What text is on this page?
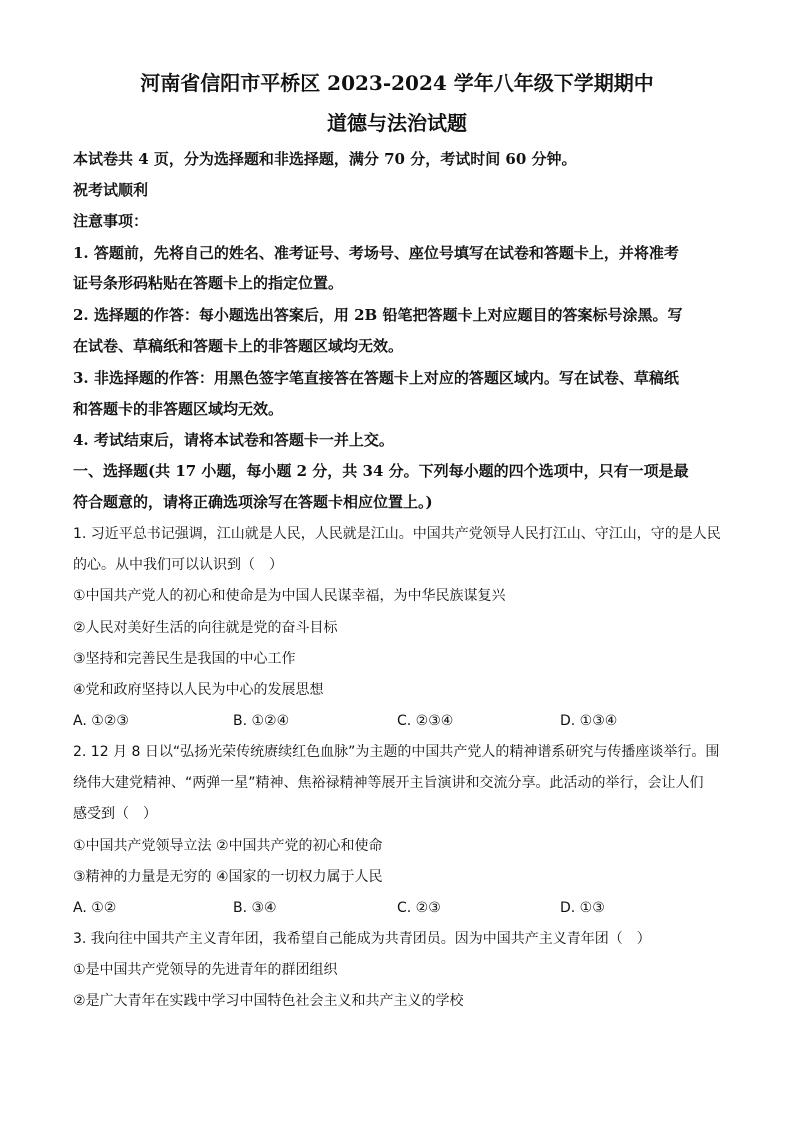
河南省信阳市平桥区 2023-2024 学年八年级下学期期中
道德与法治试题
本试卷共 4 页，分为选择题和非选择题，满分 70 分，考试时间 60 分钟。
祝考试顺利
注意事项：
1. 答题前，先将自己的姓名、准考证号、考场号、座位号填写在试卷和答题卡上，并将准考
证号条形码粘贴在答题卡上的指定位置。
2. 选择题的作答：每小题选出答案后，用 2B 铅笔把答题卡上对应题目的答案标号涂黑。写
在试卷、草稿纸和答题卡上的非答题区域均无效。
3. 非选择题的作答：用黑色签字笔直接答在答题卡上对应的答题区域内。写在试卷、草稿纸
和答题卡的非答题区域均无效。
4. 考试结束后，请将本试卷和答题卡一并上交。
一、选择题(共 17 小题，每小题 2 分，共 34 分。下列每小题的四个选项中，只有一项是最
符合题意的，请将正确选项涂写在答题卡相应位置上。)
1. 习近平总书记强调，江山就是人民，人民就是江山。中国共产党领导人民打江山、守江山，守的是人民
的心。从中我们可以认识到（　）
①中国共产党人的初心和使命是为中国人民谋幸福，为中华民族谋复兴
②人民对美好生活的向往就是党的奋斗目标
③坚持和完善民生是我国的中心工作
④党和政府坚持以人民为中心的发展思想
A. ①②③	B. ①②④	C. ②③④	D. ①③④
2. 12 月 8 日以“弘扬光荣传统赓续红色血脉”为主题的中国共产党人的精神谱系研究与传播座谈举行。围
绕伟大建党精神、“两弹一星”精神、焦裕禄精神等展开主旨演讲和交流分享。此活动的举行，会让人们
感受到（　）
①中国共产党领导立法 ②中国共产党的初心和使命
③精神的力量是无穷的 ④国家的一切权力属于人民
A. ①②	B. ③④	C. ②③	D. ①③
3. 我向往中国共产主义青年团，我希望自己能成为共青团员。因为中国共产主义青年团（　）
①是中国共产党领导的先进青年的群团组织
②是广大青年在实践中学习中国特色社会主义和共产主义的学校
